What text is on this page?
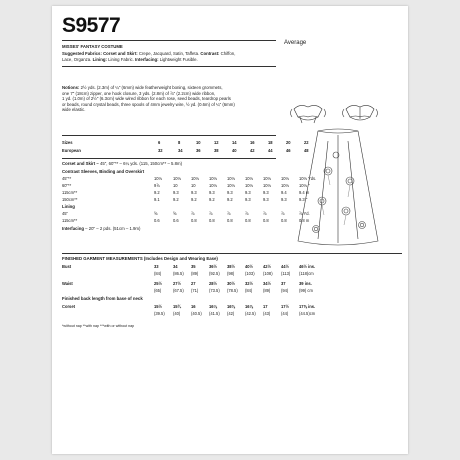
S9577
Average
MISSES' FANTASY COSTUME
Suggested Fabrics: Corset and Skirt: Crepe, Jacquard, Satin, Taffeta. Contrast: Chiffon,
Lace, Organza. Lining: Lining Fabric. Interfacing: Lightweight Fusible.
Notions: 2½ yds. (2.3m) of ¼" (6mm) wide featherweight boning, sixteen grommets,
one 7" (18cm) zipper, one hook closure, 3 yds. (2.8m) of ⅞" (2.2cm) wide ribbon,
1 yd. (1.0m) of 2½" (6.3cm) wide wired ribbon for each rose, seed beads, teardrop pearls
or beads, round crystal beads, three spools of 4mm jewelry wire, ½ yd. (0.6m) of ¼" (6mm)
wide elastic.
Sizes	6	8	10	12	14	16	18	20	22
European	32	34	36	38	40	42	44	46	48
Corset and Skirt – 45", 60"** – 6¼ yds. (115, 150cm** – 5.8m)
Contrast Sleeves, Binding and Overskirt
45"**	10⅛	10⅛ 10⅛ 10⅛ 10⅛ 10⅛ 10⅛ 10⅛ 10⅛ Yds.
60"**	9⅞	10	10	10⅛ 10⅛ 10⅛ 10⅛ 10⅛ 10⅛ "
115cm**	9.2	9.3	9.3	9.3	9.3	9.3	9.3	9.4	9.4 m
150cm**	9.1	9.2	9.2	9.2	9.2	9.3	9.3	9.3	9.3 "
Lining
45"	⅝	⅝	⅞	⅞	⅞	⅞	⅞	⅞	⅞ Yd.
115cm**	0.6	0.6	0.8	0.8	0.8	0.8	0.8	0.8	0.8 m
Interfacing – 20" – 2 pds. (51cm – 1.9m)
FINISHED GARMENT MEASUREMENTS (Includes Design and Wearing Ease)
Bust	33	34	35	36½ 38½ 40½ 42½ 44½ 46½ ins.
(84)	(86.5) (89)	(92.5) (98)	(103) (108) (113) (118)cm
Waist	25½	27½ 27	28½ 30½ 32½ 34½ 37	39 ins.
(65)	(67.5) (71)	(73.5) (78.5) (84)	(89)	(94)	(99) cm
Finished back length from base of neck
Corset	15½	15¾ 16	16⅛ 16⅜ 16⅞ 17	17½ 17⅝ ins.
(39.5) (40)	(40.5) (41.5) (42)	(42.5) (43)	(44)	(44.5)cm
*without nap **with nap ***with or without nap
